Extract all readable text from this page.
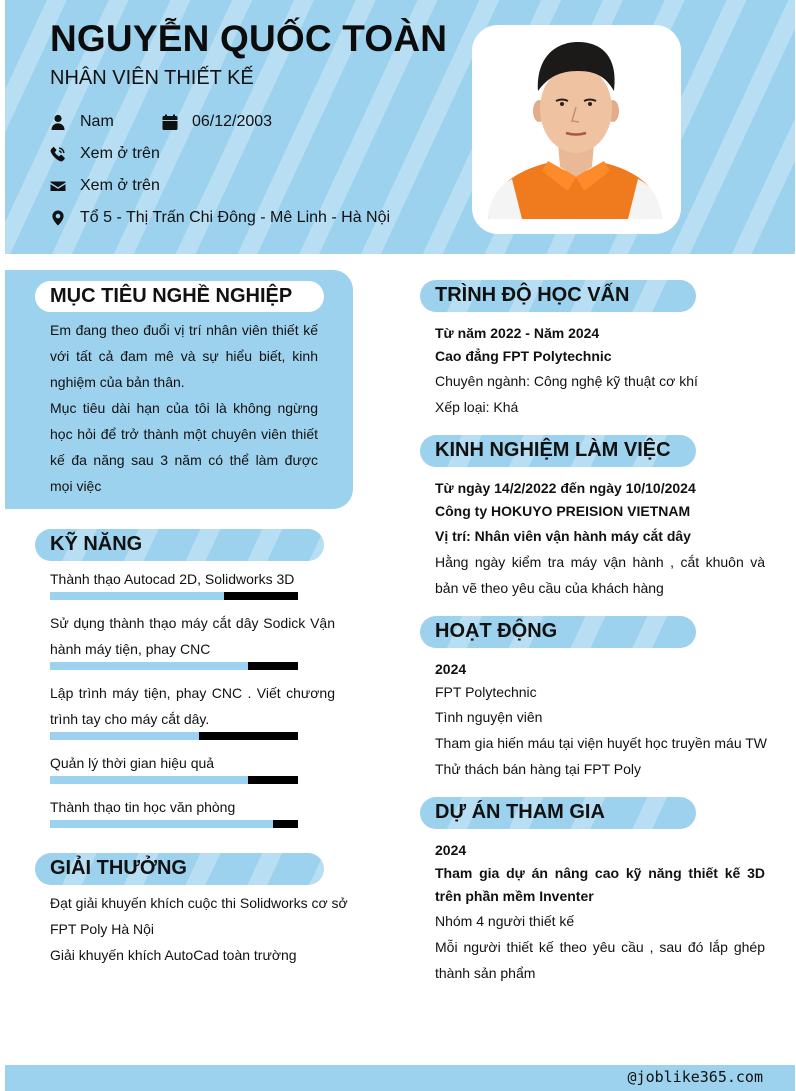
NGUYỄN QUỐC TOÀN
NHÂN VIÊN THIẾT KẾ
Nam	06/12/2003
Xem ở trên
Xem ở trên
Tổ 5 - Thị Trấn Chi Đông - Mê Linh - Hà Nội
MỤC TIÊU NGHỀ NGHIỆP

Em đang theo đuổi vị trí nhân viên thiết kế với tất cả đam mê và sự hiểu biết, kinh nghiệm của bản thân.

Mục tiêu dài hạn của tôi là không ngừng học hỏi để trở thành một chuyên viên thiết kế đa năng sau 3 năm có thể làm được mọi việc

KỸ NĂNG
Thành thạo Autocad 2D, Solidworks 3D
Sử dụng thành thạo máy cắt dây Sodick Vận hành máy tiện, phay CNC
Lập trình máy tiện, phay CNC . Viết chương trình tay cho máy cắt dây.
Quản lý thời gian hiệu quả
Thành thạo tin học văn phòng
GIẢI THƯỞNG
Đạt giải khuyến khích cuộc thi Solidworks cơ sở FPT Poly Hà Nội
Giải khuyến khích AutoCad toàn trường
TRÌNH ĐỘ HỌC VẤN
Từ năm 2022 - Năm 2024
Cao đẳng FPT Polytechnic
Chuyên ngành: Công nghệ kỹ thuật cơ khí
Xếp loại: Khá
KINH NGHIỆM LÀM VIỆC
Từ ngày 14/2/2022 đến ngày 10/10/2024
Công ty HOKUYO PREISION VIETNAM
Vị trí: Nhân viên vận hành máy cắt dây
Hằng ngày kiểm tra máy vận hành , cắt khuôn và bản vẽ theo yêu cầu của khách hàng
HOẠT ĐỘNG
2024
FPT Polytechnic
Tình nguyện viên
Tham gia hiến máu tại viện huyết học truyền máu TW
Thử thách bán hàng tại FPT Poly
DỰ ÁN THAM GIA
2024
Tham gia dự án nâng cao kỹ năng thiết kế 3D trên phần mềm Inventer
Nhóm 4 người thiết kế
Mỗi người thiết kế theo yêu cầu , sau đó lắp ghép thành sản phẩm
@joblike365.com
